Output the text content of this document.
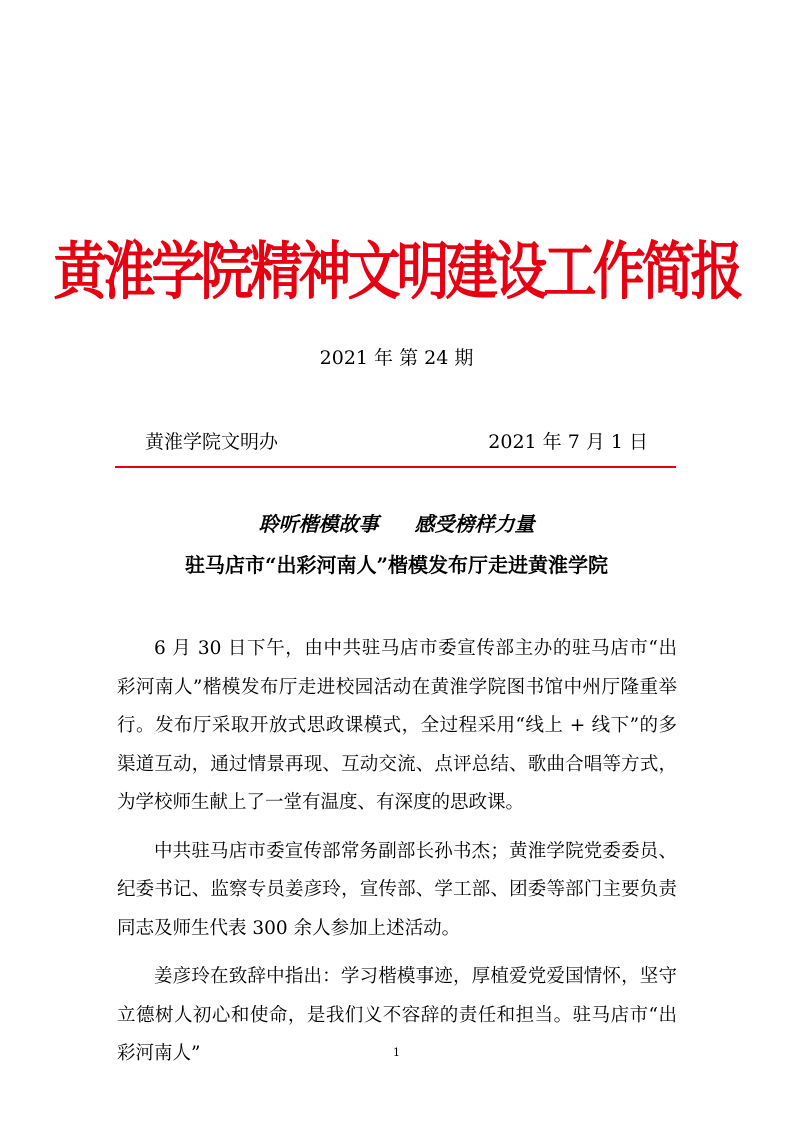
黄淮学院精神文明建设工作简报
2021 年 第 24 期
黄淮学院文明办	2021 年 7 月 1 日
聆听楷模故事 感受榜样力量
驻马店市“出彩河南人”楷模发布厅走进黄淮学院

6 月 30 日下午，由中共驻马店市委宣传部主办的驻马店市“出彩河南人”楷模发布厅走进校园活动在黄淮学院图书馆中州厅隆重举行。发布厅采取开放式思政课模式，全过程采用“线上 + 线下”的多渠道互动，通过情景再现、互动交流、点评总结、歌曲合唱等方式，为学校师生献上了一堂有温度、有深度的思政课。

中共驻马店市委宣传部常务副部长孙书杰；黄淮学院党委委员、纪委书记、监察专员姜彦玲，宣传部、学工部、团委等部门主要负责同志及师生代表 300 余人参加上述活动。

姜彦玲在致辞中指出：学习楷模事迹，厚植爱党爱国情怀，坚守立德树人初心和使命，是我们义不容辞的责任和担当。驻马店市“出彩河南人”	1
